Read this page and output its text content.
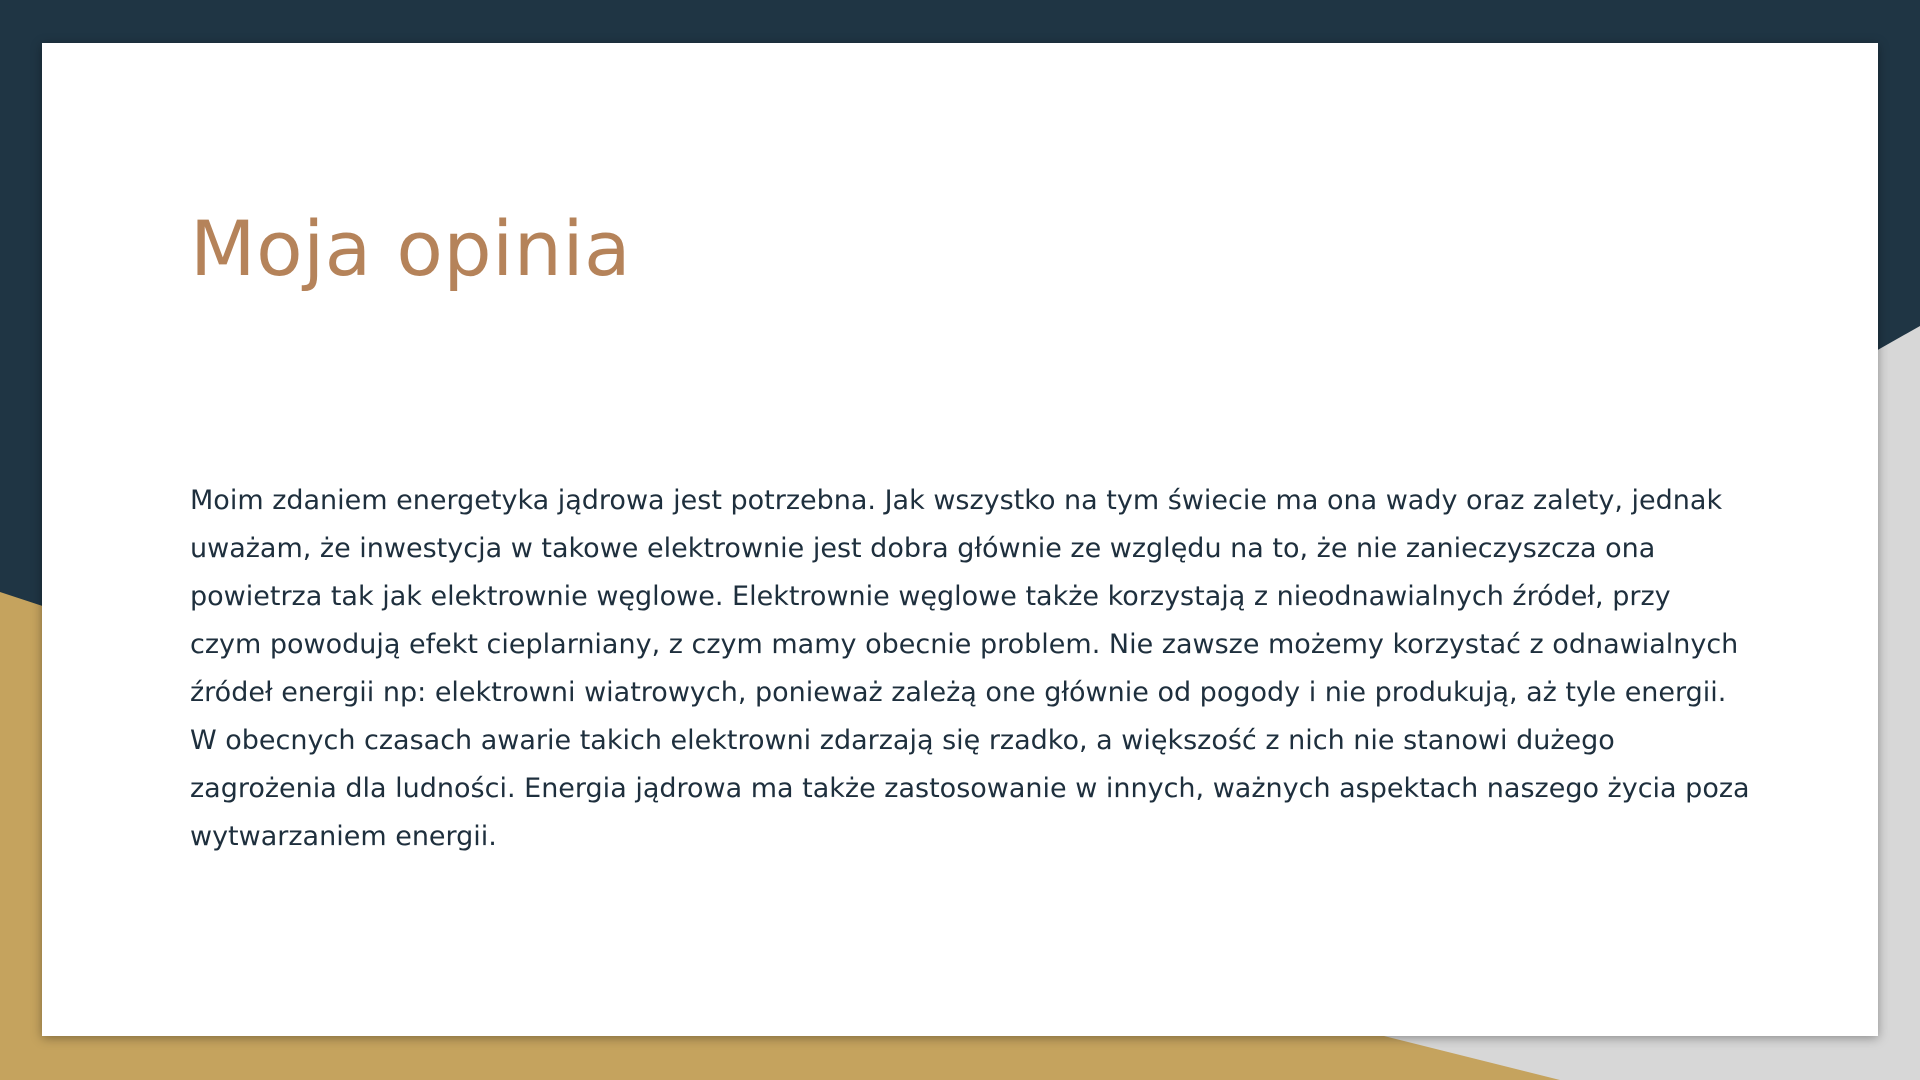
Moja opinia

Moim zdaniem energetyka jądrowa jest potrzebna. Jak wszystko na tym świecie ma ona wady oraz zalety, jednak uważam, że inwestycja w takowe elektrownie jest dobra głównie ze względu na to, że nie zanieczyszcza ona powietrza tak jak elektrownie węglowe. Elektrownie węglowe także korzystają z nieodnawialnych źródeł, przy czym powodują efekt cieplarniany, z czym mamy obecnie problem. Nie zawsze możemy korzystać z odnawialnych źródeł energii np: elektrowni wiatrowych, ponieważ zależą one głównie od pogody i nie produkują, aż tyle energii. W obecnych czasach awarie takich elektrowni zdarzają się rzadko, a większość z nich nie stanowi dużego zagrożenia dla ludności. Energia jądrowa ma także zastosowanie w innych, ważnych aspektach naszego życia poza wytwarzaniem energii.
